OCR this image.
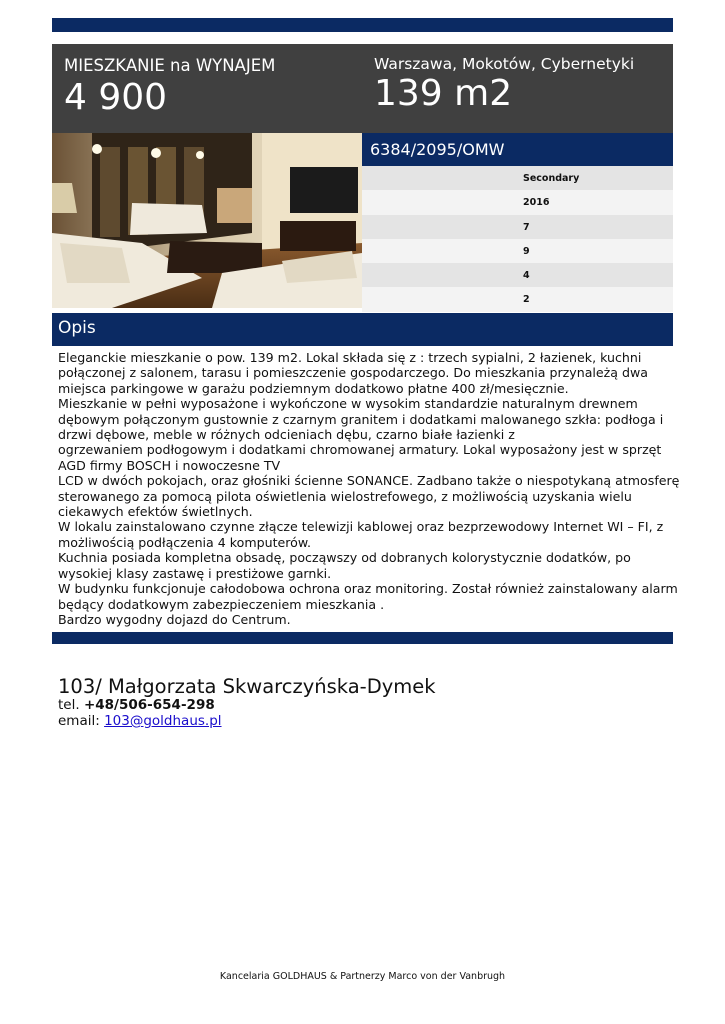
MIESZKANIE na WYNAJEM
4 900
Warszawa, Mokotów, Cybernetyki
139 m2
6384/2095/OMW
Secondary
2016
7
9
4
2
Opis
Eleganckie mieszkanie o pow. 139 m2. Lokal składa się z : trzech sypialni, 2 łazienek, kuchni
połączonej z salonem, tarasu i pomieszczenie gospodarczego. Do mieszkania przynależą dwa
miejsca parkingowe w garażu podziemnym dodatkowo płatne 400 zł/mesięcznie.
Mieszkanie w pełni wyposażone i wykończone w wysokim standardzie naturalnym drewnem
dębowym połączonym gustownie z czarnym granitem i dodatkami malowanego szkła: podłoga i
drzwi dębowe, meble w różnych odcieniach dębu, czarno białe łazienki z
ogrzewaniem podłogowym i dodatkami chromowanej armatury. Lokal wyposażony jest w sprzęt
AGD firmy BOSCH i nowoczesne TV
LCD w dwóch pokojach, oraz głośniki ścienne SONANCE. Zadbano także o niespotykaną atmosferę
sterowanego za pomocą pilota oświetlenia wielostrefowego, z możliwością uzyskania wielu
ciekawych efektów świetlnych.
W lokalu zainstalowano czynne złącze telewizji kablowej oraz bezprzewodowy Internet WI – FI, z
możliwością podłączenia 4 komputerów.
Kuchnia posiada kompletna obsadę, począwszy od dobranych kolorystycznie dodatków, po
wysokiej klasy zastawę i prestiżowe garnki.
W budynku funkcjonuje całodobowa ochrona oraz monitoring. Został również zainstalowany alarm
będący dodatkowym zabezpieczeniem mieszkania .
Bardzo wygodny dojazd do Centrum.
103/ Małgorzata Skwarczyńska-Dymek
tel. +48/506-654-298
email: 103@goldhaus.pl
Kancelaria GOLDHAUS & Partnerzy Marco von der Vanbrugh
